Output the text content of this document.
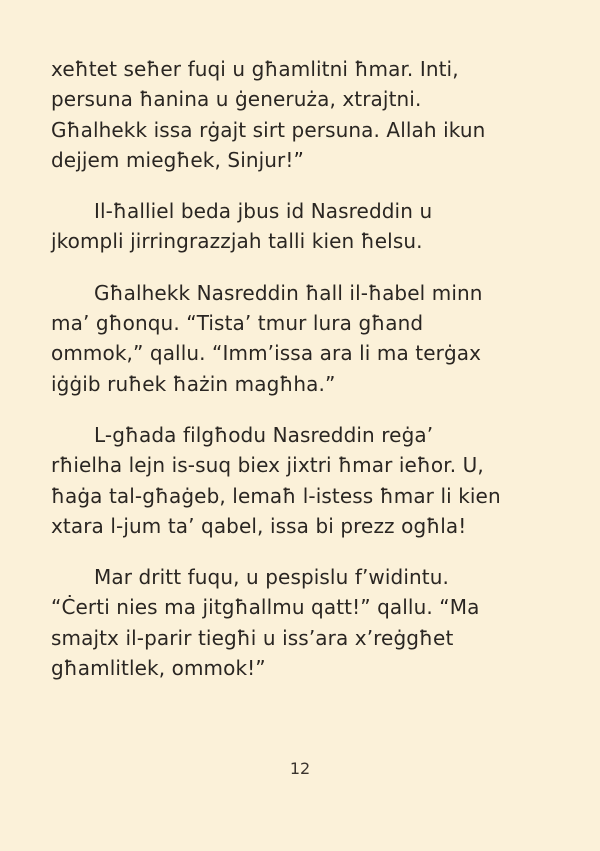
xeħtet seħer fuqi u għamlitni ħmar. Inti,
persuna ħanina u ġeneruża, xtrajtni.
Għalhekk issa rġajt sirt persuna. Allah ikun
dejjem miegħek, Sinjur!”

Il-ħalliel beda jbus id Nasreddin u
jkompli jirringrazzjah talli kien ħelsu.

Għalhekk Nasreddin ħall il-ħabel minn
ma’ għonqu. “Tista’ tmur lura għand
ommok,” qallu. “Imm’issa ara li ma terġax
iġġib ruħek ħażin magħha.”

L-għada filgħodu Nasreddin reġa’
rħielha lejn is-suq biex jixtri ħmar ieħor. U,
ħaġa tal-għaġeb, lemaħ l-istess ħmar li kien
xtara l-jum ta’ qabel, issa bi prezz ogħla!

Mar dritt fuqu, u pespislu f’widintu.
“Ċerti nies ma jitgħallmu qatt!” qallu. “Ma
smajtx il-parir tiegħi u iss’ara x’reġgħet
għamlitlek, ommok!”

12
